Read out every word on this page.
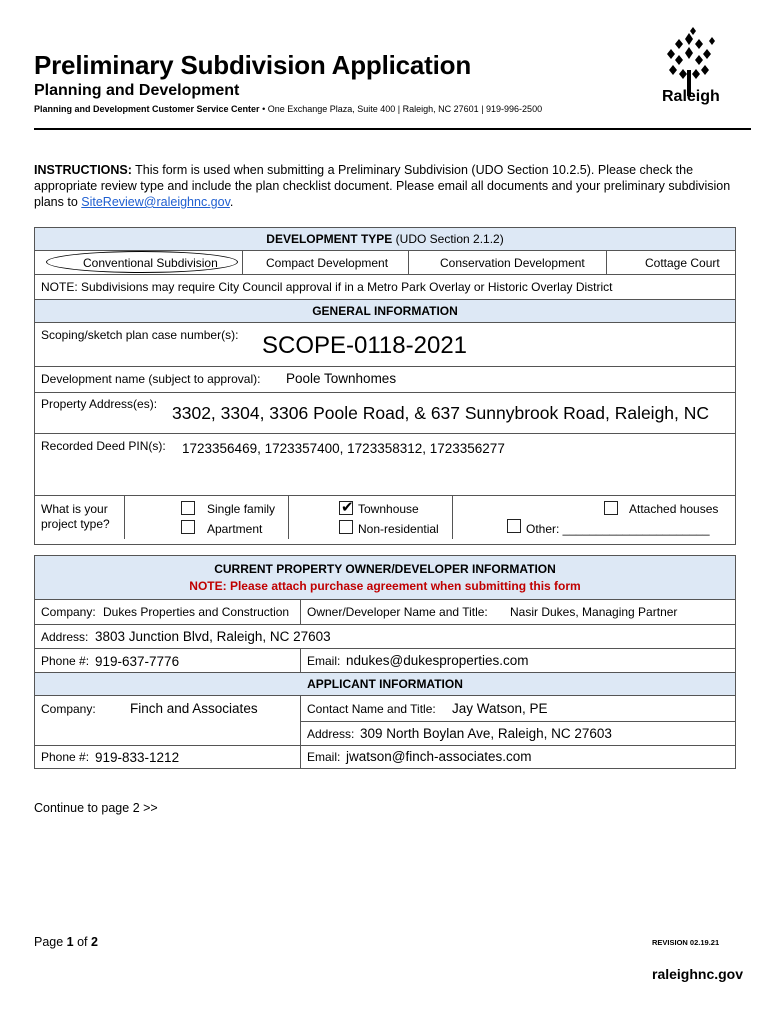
Preliminary Subdivision Application
Planning and Development
Planning and Development Customer Service Center • One Exchange Plaza, Suite 400 | Raleigh, NC 27601 | 919-996-2500
Raleigh
INSTRUCTIONS: This form is used when submitting a Preliminary Subdivision (UDO Section 10.2.5). Please check the appropriate review type and include the plan checklist document. Please email all documents and your preliminary subdivision plans to SiteReview@raleighnc.gov.
DEVELOPMENT TYPE (UDO Section 2.1.2)
Conventional Subdivision	Compact Development	Conservation Development	Cottage Court
NOTE: Subdivisions may require City Council approval if in a Metro Park Overlay or Historic Overlay District
GENERAL INFORMATION
Scoping/sketch plan case number(s): SCOPE-0118-2021
Development name (subject to approval): Poole Townhomes
Property Address(es): 3302, 3304, 3306 Poole Road, & 637 Sunnybrook Road, Raleigh, NC
Recorded Deed PIN(s): 1723356469, 1723357400, 1723358312, 1723356277
What is your
project type?
Single family
Apartment
✔ Townhouse
Non-residential
Attached houses
Other: ______________________
CURRENT PROPERTY OWNER/DEVELOPER INFORMATION
NOTE: Please attach purchase agreement when submitting this form
Company: Dukes Properties and Construction Owner/Developer Name and Title: Nasir Dukes, Managing Partner
Address: 3803 Junction Blvd, Raleigh, NC 27603
Phone #: 919-637-7776	Email: ndukes@dukesproperties.com
APPLICANT INFORMATION
Company:	Finch and Associates	Contact Name and Title: Jay Watson, PE
Address: 309 North Boylan Ave, Raleigh, NC 27603
Phone #: 919-833-1212	Email: jwatson@finch-associates.com
Continue to page 2 >>
Page 1 of 2	REVISION 02.19.21
raleighnc.gov
